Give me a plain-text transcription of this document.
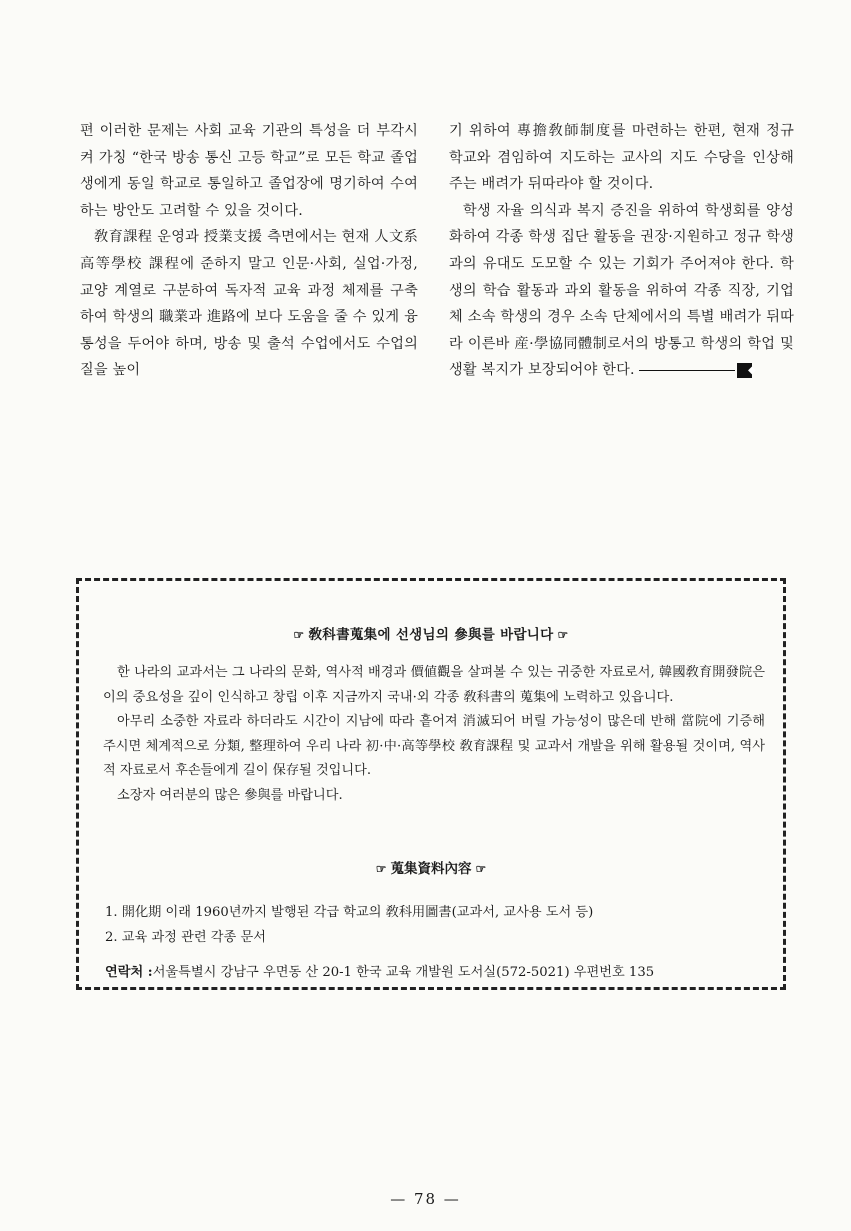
편 이러한 문제는 사회 교육 기관의 특성을 더 부각시켜 가칭 “한국 방송 통신 고등 학교”로 모든 학교 졸업생에게 동일 학교로 통일하고 졸업장에 명기하여 수여하는 방안도 고려할 수 있을 것이다.

敎育課程 운영과 授業支援 측면에서는 현재 人文系 高等學校 課程에 준하지 말고 인문·사회, 실업·가정, 교양 계열로 구분하여 독자적 교육 과정 체제를 구축하여 학생의 職業과 進路에 보다 도움을 줄 수 있게 융통성을 두어야 하며, 방송 및 출석 수업에서도 수업의 질을 높이

기 위하여 專擔敎師制度를 마련하는 한편, 현재 정규 학교와 겸임하여 지도하는 교사의 지도 수당을 인상해 주는 배려가 뒤따라야 할 것이다.

학생 자율 의식과 복지 증진을 위하여 학생회를 양성화하여 각종 학생 집단 활동을 권장·지원하고 정규 학생과의 유대도 도모할 수 있는 기회가 주어져야 한다. 학생의 학습 활동과 과외 활동을 위하여 각종 직장, 기업체 소속 학생의 경우 소속 단체에서의 특별 배려가 뒤따라 이른바 産·學協同體制로서의 방통고 학생의 학업 및 생활 복지가 보장되어야 한다.	◆

☞ 敎科書蒐集에 선생님의 參與를 바랍니다 ☞

한 나라의 교과서는 그 나라의 문화, 역사적 배경과 價値觀을 살펴볼 수 있는 귀중한 자료로서, 韓國敎育開發院은 이의 중요성을 깊이 인식하고 창립 이후 지금까지 국내·외 각종 敎科書의 蒐集에 노력하고 있읍니다.

아무리 소중한 자료라 하더라도 시간이 지남에 따라 흩어져 消滅되어 버릴 가능성이 많은데 반해 當院에 기증해 주시면 체계적으로 分類, 整理하여 우리 나라 初·中·高等學校 敎育課程 및 교과서 개발을 위해 활용될 것이며, 역사적 자료로서 후손들에게 길이 保存될 것입니다.

소장자 여러분의 많은 參與를 바랍니다.

☞ 蒐集資料內容 ☞
1. 開化期 이래 1960년까지 발행된 각급 학교의 敎科用圖書(교과서, 교사용 도서 등)
2. 교육 과정 관련 각종 문서
연락처 :서울특별시 강남구 우면동 산 20-1 한국 교육 개발원 도서실(572-5021) 우편번호 135
— 78 —
